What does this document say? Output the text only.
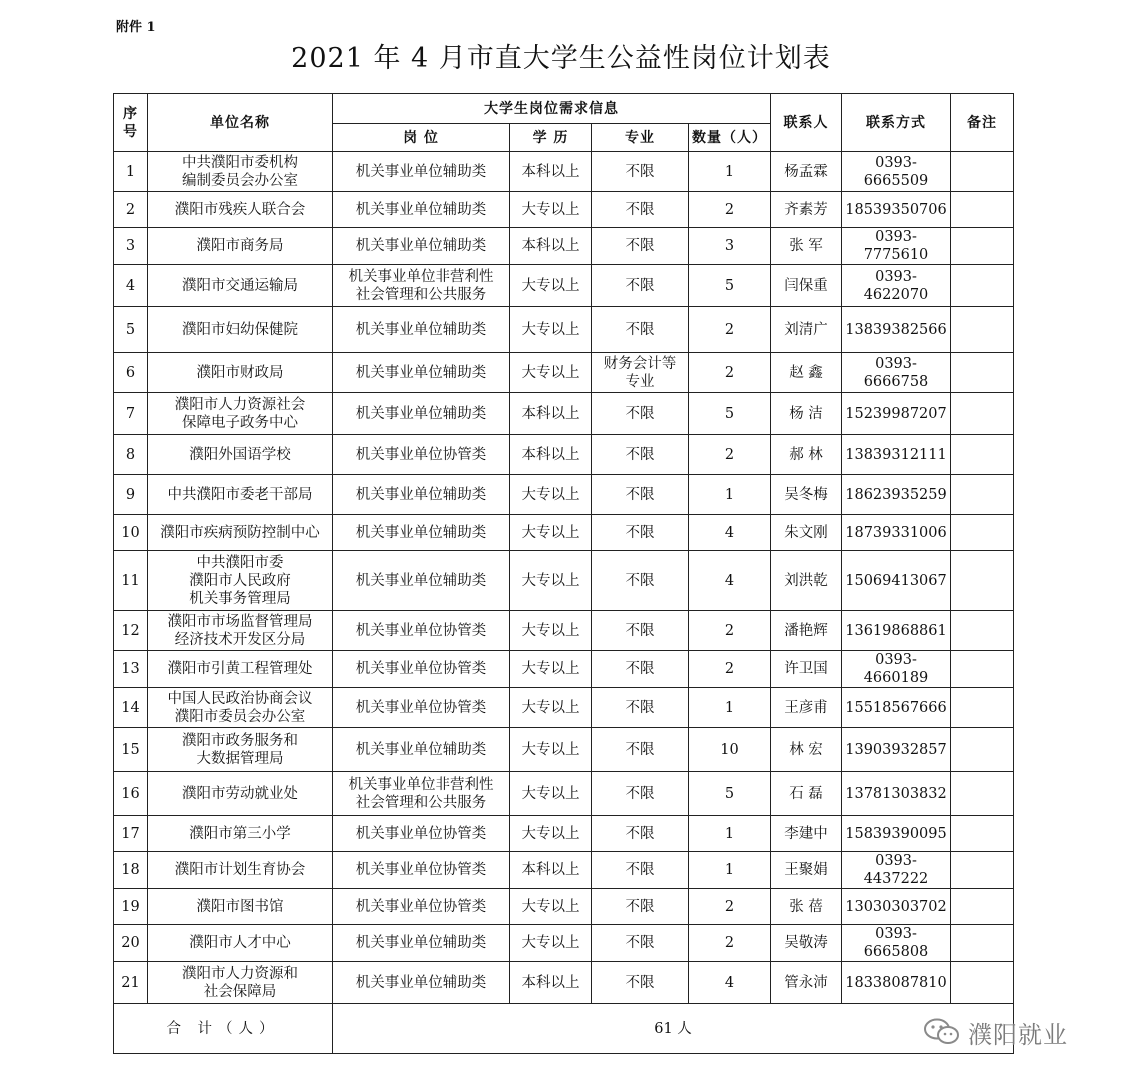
附件 1
2021 年 4 月市直大学生公益性岗位计划表
序
号	单位名称	大学生岗位需求信息				联系人	联系方式	备注
		岗 位	学 历	专业	数量（人）			
1	中共濮阳市委机构
编制委员会办公室	机关事业单位辅助类	本科以上	不限	1	杨孟霖	0393-6665509	
2	濮阳市残疾人联合会	机关事业单位辅助类	大专以上	不限	2	齐素芳	18539350706	
3	濮阳市商务局	机关事业单位辅助类	本科以上	不限	3	张 军	0393-7775610	
4	濮阳市交通运输局	机关事业单位非营利性
社会管理和公共服务	大专以上	不限	5	闫保重	0393-4622070	
5	濮阳市妇幼保健院	机关事业单位辅助类	大专以上	不限	2	刘清广	13839382566	
6	濮阳市财政局	机关事业单位辅助类	大专以上	财务会计等
专业	2	赵 鑫	0393-6666758	
7	濮阳市人力资源社会
保障电子政务中心	机关事业单位辅助类	本科以上	不限	5	杨 洁	15239987207	
8	濮阳外国语学校	机关事业单位协管类	本科以上	不限	2	郝 林	13839312111	
9	中共濮阳市委老干部局	机关事业单位辅助类	大专以上	不限	1	吴冬梅	18623935259	
10	濮阳市疾病预防控制中心	机关事业单位辅助类	大专以上	不限	4	朱文刚	18739331006	
11	中共濮阳市委
濮阳市人民政府
机关事务管理局	机关事业单位辅助类	大专以上	不限	4	刘洪乾	15069413067	
12	濮阳市市场监督管理局
经济技术开发区分局	机关事业单位协管类	大专以上	不限	2	潘艳辉	13619868861	
13	濮阳市引黄工程管理处	机关事业单位协管类	大专以上	不限	2	许卫国	0393-4660189	
14	中国人民政治协商会议
濮阳市委员会办公室	机关事业单位协管类	大专以上	不限	1	王彦甫	15518567666	
15	濮阳市政务服务和
大数据管理局	机关事业单位辅助类	大专以上	不限	10	林 宏	13903932857	
16	濮阳市劳动就业处	机关事业单位非营利性
社会管理和公共服务	大专以上	不限	5	石 磊	13781303832	
17	濮阳市第三小学	机关事业单位协管类	大专以上	不限	1	李建中	15839390095	
18	濮阳市计划生育协会	机关事业单位协管类	本科以上	不限	1	王聚娟	0393-4437222	
19	濮阳市图书馆	机关事业单位协管类	大专以上	不限	2	张 蓓	13030303702	
20	濮阳市人才中心	机关事业单位辅助类	大专以上	不限	2	吴敬涛	0393-6665808	
21	濮阳市人力资源和
社会保障局	机关事业单位辅助类	本科以上	不限	4	管永沛	18338087810	
合 计（人）		61 人							濮阳就业
